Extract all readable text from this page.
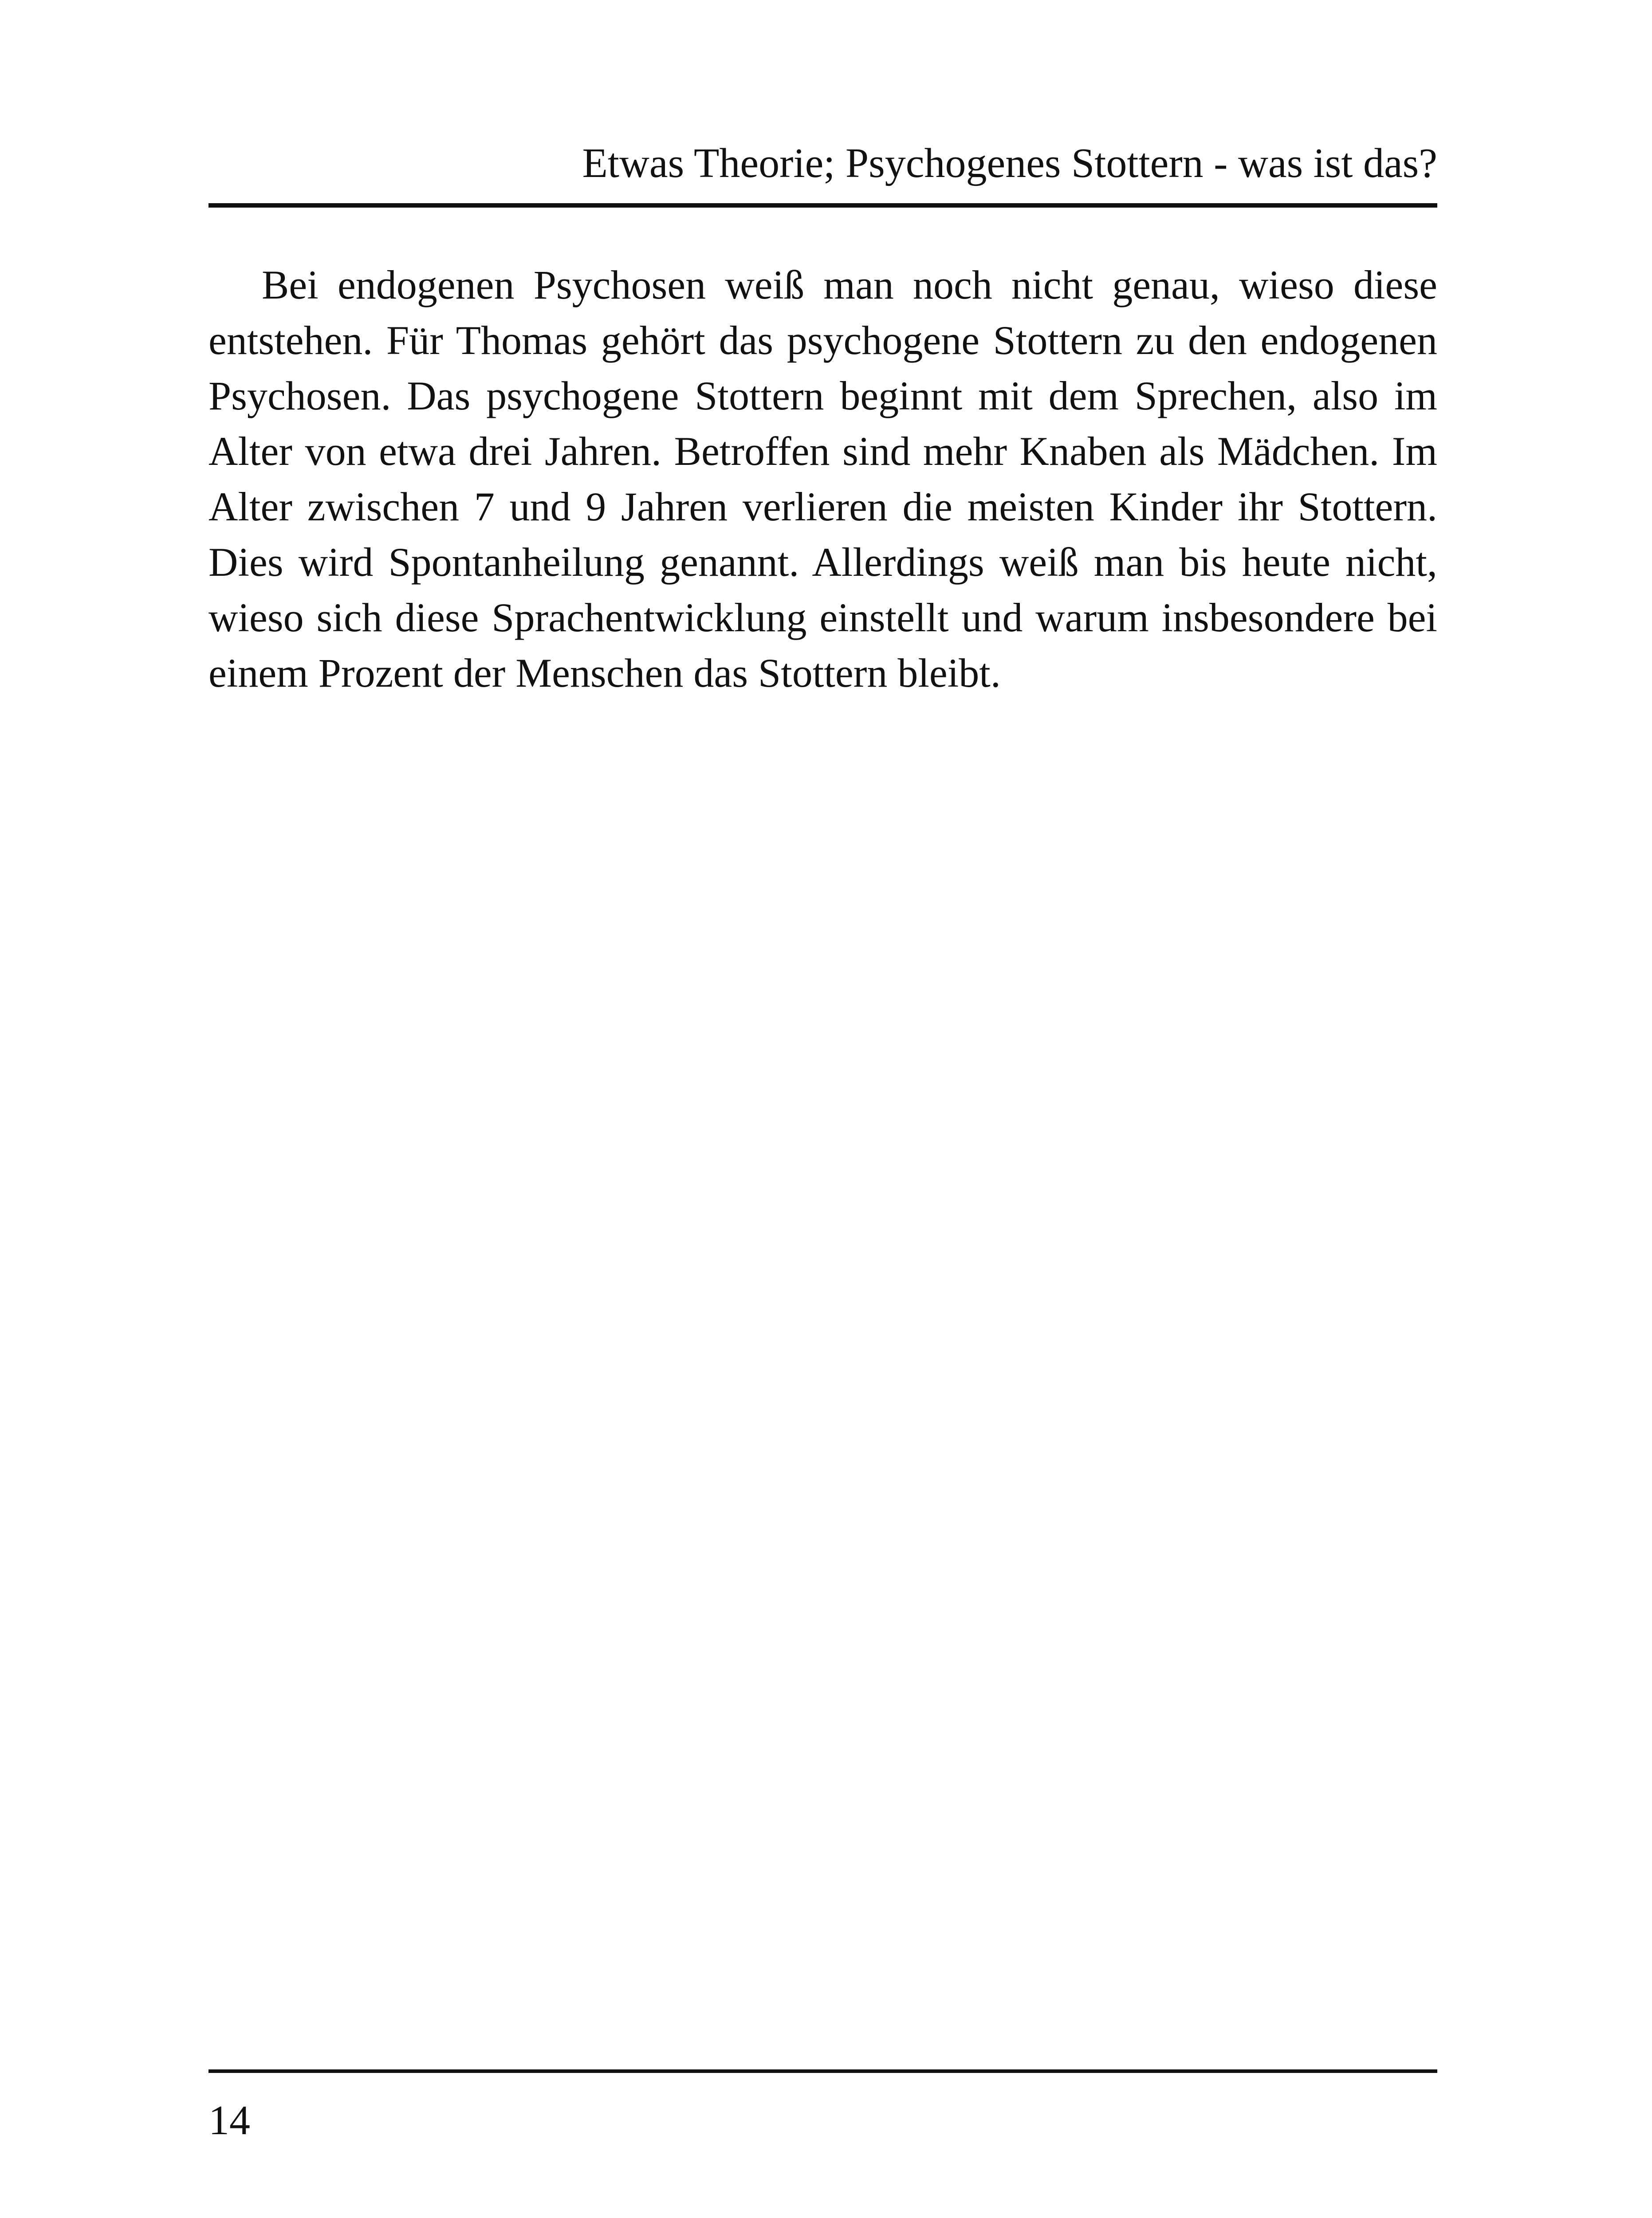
Etwas Theorie; Psychogenes Stottern - was ist das?

Bei endogenen Psychosen weiß man noch nicht genau, wieso diese entstehen. Für Thomas gehört das psychogene Stottern zu den endogenen Psychosen. Das psychogene Stottern beginnt mit dem Sprechen, also im Alter von etwa drei Jahren. Betroffen sind mehr Knaben als Mädchen. Im Alter zwischen 7 und 9 Jahren verlieren die meisten Kinder ihr Stottern. Dies wird Spontanheilung genannt. Allerdings weiß man bis heute nicht, wieso sich diese Sprachentwicklung einstellt und warum insbesondere bei einem Prozent der Menschen das Stottern bleibt.

14
